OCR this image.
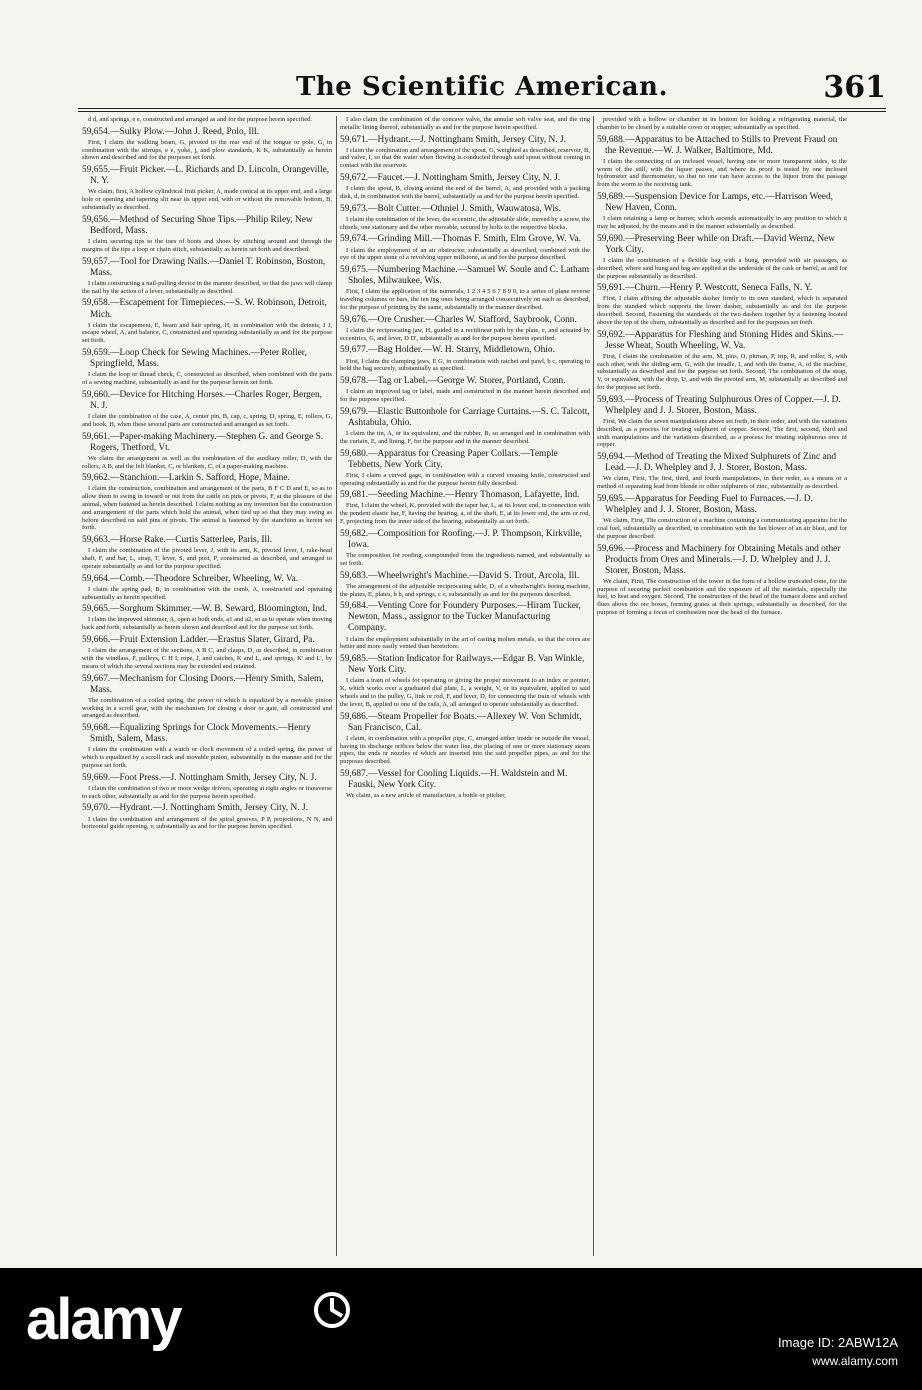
The Scientific American.	361

d d, and springs, e e, constructed and arranged as and for the purpose herein specified.

59,654.—Sulky Plow.—John J. Reed, Polo, Ill.

First, I claim the walking beam, G, pivoted to the rear end of the tongue or pole, G, in combination with the stirrups, e e, yoke, j, and plow standards, K K, substantially as herein shown and described and for the purposes set forth.

59,655.—Fruit Picker.—L. Richards and D. Lincoln, Orangeville, N. Y.

We claim, first, A hollow cylindrical fruit picker, A, made conical at its upper end, and a large hole or opening and tapering slit near its upper end, with or without the removable bottom, B, substantially as described.

59,656.—Method of Securing Shoe Tips.—Philip Riley, New Bedford, Mass.

I claim securing tips to the toes of boots and shoes by stitching around and through the margins of the tips a loop or chain stitch, substantially as herein set forth and described.

59,657.—Tool for Drawing Nails.—Daniel T. Robinson, Boston, Mass.

I claim constructing a nail-pulling device in the manner described, so that the jaws will clamp the nail by the action of a lever, substantially as described.

59,658.—Escapement for Timepieces.—S. W. Robinson, Detroit, Mich.

I claim the escapement, E, beam and hair spring, H, in combination with the detents, I J, escape wheel, A, and balance, C, constructed and operating substantially as and for the purpose set forth.

59,659.—Loop Check for Sewing Machines.—Peter Roller, Springfield, Mass.

I claim the loop or thread check, C, constructed as described, when combined with the parts of a sewing machine, substantially as and for the purpose herein set forth.

59,660.—Device for Hitching Horses.—Charles Roger, Bergen, N. J.

I claim the combination of the case, A, center pin, B, cap, c, spring, D, spring, E, rollers, G, and hook, H, when these several parts are constructed and arranged as set forth.

59,661.—Paper-making Machinery.—Stephen G. and George S. Rogers, Thetford, Vt.

We claim the arrangement as well as the combination of the auxiliary roller, D, with the rollers, A B, and the felt blanket, C, or blankets, C, of a paper-making machine.

59,662.—Stanchion.—Larkin S. Safford, Hope, Maine.

I claim the construction, combination and arrangement of the parts, B F C D and E, so as to allow them to swing in toward or out from the cattle on pins or pivots, F, at the pleasure of the animal, when fastened as herein described. I claim nothing as my invention but the construction and arrangement of the parts which hold the animal, when tied up so that they may swing as before described on said pins or pivots. The animal is fastened by the stanchion as herein set forth.

59,663.—Horse Rake.—Curtis Satterlee, Paris, Ill.

I claim the combination of the pivoted lever, J, with its arm, K, pivoted lever, I, rake-head shaft, F, and bar, L, strap, T, lever, S, and post, P, constructed as described, and arranged to operate substantially as and for the purpose specified.

59,664.—Comb.—Theodore Schreiber, Wheeling, W. Va.

I claim the spring pad, B, in combination with the comb, A, constructed and operating substantially as herein specified.

59,665.—Sorghum Skimmer.—W. B. Seward, Bloomington, Ind.

I claim the improved skimmer, A, open at both ends, a1 and a2, so as to operate when moving back and forth, substantially as herein shown and described and for the purpose set forth.

59,666.—Fruit Extension Ladder.—Erastus Slater, Girard, Pa.

I claim the arrangement of the sections, A B C, and clasps, D, as described, in combination with the windlass, F, pulleys, C H I, rope, J, and catches, K and L, and springs, K' and L', by means of which the several sections may be extended and retained.

59,667.—Mechanism for Closing Doors.—Henry Smith, Salem, Mass.

The combination of a coiled spring, the power of which is equalized by a movable pinion working in a scroll gear, with the mechanism for closing a door or gate, all constructed and arranged as described.

59,668.—Equalizing Springs for Clock Movements.—Henry Smith, Salem, Mass.

I claim the combination with a watch or clock movement of a coiled spring, the power of which is equalized by a scroll rack and movable pinion, substantially in the manner and for the purpose set forth.

59,669.—Foot Press.—J. Nottingham Smith, Jersey City, N. J.

I claim the combination of two or more wedge drivers, operating at right angles or transverse to each other, substantially as and for the purpose herein specified.

59,670.—Hydrant.—J. Nottingham Smith, Jersey City, N. J.

I claim the combination and arrangement of the spiral grooves, P P, projections, N N, and horizontal guide opening, v, substantially as and for the purpose herein specified.

I also claim the combination of the concave valve, the annular soft valve seat, and the ring metallic lining thereof, substantially as and for the purpose herein specified.

59,671.—Hydrant.—J. Nottingham Smith, Jersey City, N. J.

I claim the combination and arrangement of the spout, G, weighted as described, reservoir, B, and valve, I, so that the water when flowing is conducted through said spout without coming in contact with the reservoir.

59,672.—Faucet.—J. Nottingham Smith, Jersey City, N. J.

I claim the spout, B, closing around the end of the barrel, A, and provided with a packing disk, d, in combination with the barrel, substantially as and for the purpose herein specified.

59,673.—Bolt Cutter.—Othniel J. Smith, Wauwatosa, Wis.

I claim the combination of the lever, the eccentric, the adjustable slide, moved by a screw, the chisels, one stationary and the other movable, secured by bolts to the respective blocks.

59,674.—Grinding Mill.—Thomas F. Smith, Elm Grove, W. Va.

I claim the employment of an air obstructor, substantially as described, combined with the eye of the upper stone of a revolving upper millstone, as and for the purpose described.

59,675.—Numbering Machine.—Samuel W. Soule and C. Latham Sholes, Milwaukee, Wis.

First, I claim the application of the numerals, 1 2 3 4 5 6 7 8 9 0, to a series of plane reverse traveling columns or bars, the ten ing ones being arranged consecutively on each as described, for the purpose of printing by the same, substantially in the manner described.

59,676.—Ore Crusher.—Charles W. Stafford, Saybrook, Conn.

I claim the reciprocating jaw, H, guided in a rectilinear path by the plate, e, and actuated by eccentrics, G, and lever, D D', substantially as and for the purpose herein specified.

59,677.—Bag Holder.—W. H. Starry, Middletown, Ohio.

First, I claim the clamping jaws, E G, in combination with ratchet and pawl, b c, operating to hold the bag securely, substantially as specified.

59,678.—Tag or Label.—George W. Storer, Portland, Conn.

I claim an improved tag or label, made and constructed in the manner herein described and for the purpose specified.

59,679.—Elastic Buttonhole for Carriage Curtains.—S. C. Talcott, Ashtabula, Ohio.

I claim the tin, A, or its equivalent, and the rubber, B, so arranged and in combination with the curtain, E, and lining, F, for the purpose and in the manner described.

59,680.—Apparatus for Creasing Paper Collars.—Temple Tebbetts, New York City.

First, I claim a curved gage, in combination with a curved creasing knife, constructed and operating substantially as and for the purpose herein fully described.

59,681.—Seeding Machine.—Henry Thomason, Lafayette, Ind.

First, I claim the wheel, K, provided with the taper bar, L, at its lower end, in connection with the pendent elastic bar, F, having the bearing, a, of the shaft, E, at its lower end, the arm or rod, F, projecting from the inner side of the bearing, substantially as set forth.

59,682.—Composition for Roofing.—J. P. Thompson, Kirkville, Iowa.

The composition for roofing, compounded from the ingredients named, and substantially as set forth.

59,683.—Wheelwright's Machine.—David S. Trout, Arcola, Ill.

The arrangement of the adjustable reciprocating table, D, of a wheelwright's boring machine, the plates, E, plates, b b, and springs, c c, substantially as and for the purposes described.

59,684.—Venting Core for Foundery Purposes.—Hiram Tucker, Newton, Mass., assignor to the Tucker Manufacturing Company.

I claim the employment substantially in the art of casting molten metals, so that the cores are better and more easily vented than heretofore.

59,685.—Station Indicator for Railways.—Edgar B. Van Winkle, New York City.

I claim a train of wheels for operating or giving the proper movement to an index or pointer, K, which works over a graduated dial plate, L, a weight, V, or its equivalent, applied to said wheels and to the pulley, G, link or rod, F, and lever, D, for connecting the train of wheels with the lever, B, applied to one of the rails, A, all arranged to operate substantially as described.

59,686.—Steam Propeller for Boats.—Allexey W. Von Schmidt, San Francisco, Cal.

I claim, in combination with a propeller pipe, C, arranged either inside or outside the vessel, having its discharge orifices below the water line, the placing of one or more stationary steam pipes, the ends or nozzles of which are inserted into the said propeller pipes, as and for the purposes described.

59,687.—Vessel for Cooling Liquids.—H. Waldstein and M. Fauski, New York City.

We claim, as a new article of manufacture, a bottle or pitcher,

provided with a hollow or chamber in its bottom for holding a refrigerating material, the chamber to be closed by a suitable cover or stopper, substantially as specified.

59,688.—Apparatus to be Attached to Stills to Prevent Fraud on the Revenue.—W. J. Walker, Baltimore, Md.

I claim the connecting of an inclosed vessel, having one or more transparent sides, to the worm of the still, with the liquor passes, and where its proof is tested by one inclosed hydrometer and thermometer, so that no one can have access to the liquor from the passage from the worm to the receiving tank.

59,689.—Suspension Device for Lamps, etc.—Harrison Weed, New Haven, Conn.

I claim retaining a lamp or burner, which ascends automatically in any position to which it may be adjusted, by the means and in the manner substantially as described.

59,690.—Preserving Beer while on Draft.—David Wernz, New York City.

I claim the combination of a flexible bag with a bung, provided with air passages, as described, where said bung and bag are applied at the underside of the cask or barrel, as and for the purpose substantially as described.

59,691.—Churn.—Henry P. Westcott, Seneca Falls, N. Y.

First, I claim affixing the adjustable dasher firmly to its own standard, which is separated from the standard which supports the lower dasher, substantially as and for the purpose described. Second, Fastening the standards of the two dashers together by a fastening located above the top of the churn, substantially as described and for the purposes set forth.

59,692.—Apparatus for Fleshing and Stoning Hides and Skins.—Jesse Wheat, South Wheeling, W. Va.

First, I claim the combination of the arm, M, pins, O, pitman, P, trip, R, and roller, S, with each other, with the sliding arm, G, with the treadle, I, and with the frame, A, of the machine, substantially as described and for the purpose set forth. Second, The combination of the strap, V, or equivalent, with the drop, U, and with the pivoted arm, M, substantially as described and for the purpose set forth.

59,693.—Process of Treating Sulphurous Ores of Copper.—J. D. Whelpley and J. J. Storer, Boston, Mass.

First, We claim the seven manipulations above set forth, in their order, and with the variations described, as a process for treating sulphuret of copper. Second, The first, second, third and sixth manipulations and the variations described, as a process for treating sulphurous ores of copper.

59,694.—Method of Treating the Mixed Sulphurets of Zinc and Lead.—J. D. Whelpley and J. J. Storer, Boston, Mass.

We claim, First, The first, third, and fourth manipulations, in their order, as a means or a method of separating lead from blende or other sulphurets of zinc, substantially as described.

59,695.—Apparatus for Feeding Fuel to Furnaces.—J. D. Whelpley and J. J. Storer, Boston, Mass.

We claim, First, The construction of a machine containing a communicating apparatus for the coal fuel, substantially as described, in combination with the fan blower of an air blast, and for the purpose described.

59,696.—Process and Machinery for Obtaining Metals and other Products from Ores and Minerals.—J. D. Whelpley and J. J. Storer, Boston, Mass.

We claim, First, The construction of the tower in the form of a hollow truncated cone, for the purpose of securing perfect combustion and the exposure of all the materials, especially the fuel, to heat and oxygen. Second, The construction of the head of the furnace dome and arched flues above the ore boxes, forming grates at their springs, substantially as described, for the purpose of forming a focus of combustion near the head of the furnace.

alamy	Image ID: 2ABW12A
www.alamy.com
